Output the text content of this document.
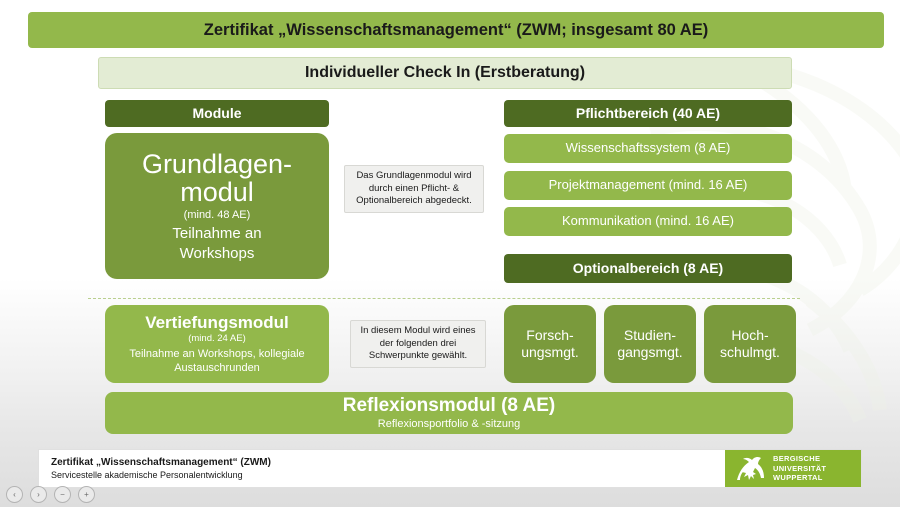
Zertifikat „Wissenschaftsmanagement“ (ZWM; insgesamt 80 AE)
Individueller Check In (Erstberatung)
Module	Pflichtbereich (40 AE)
Grundlagen-
modul
(mind. 48 AE)
Teilnahme an
Workshops
Das Grundlagenmodul wird durch einen Pflicht- & Optionalbereich abgedeckt.
Wissenschaftssystem (8 AE)
Projektmanagement (mind. 16 AE)
Kommunikation (mind. 16 AE)
Optionalbereich (8 AE)
Vertiefungsmodul
(mind. 24 AE)
Teilnahme an Workshops, kollegiale Austauschrunden
In diesem Modul wird eines der folgenden drei Schwerpunkte gewählt.
Forsch-
ungsmgt.
Studien-
gangsmgt.
Hoch-
schulmgt.
Reflexionsmodul (8 AE)
Reflexionsportfolio & -sitzung
Zertifikat „Wissenschaftsmanagement“ (ZWM)
Servicestelle akademische Personalentwicklung
BERGISCHE
UNIVERSITÄT
WUPPERTAL
‹	›	−	+
